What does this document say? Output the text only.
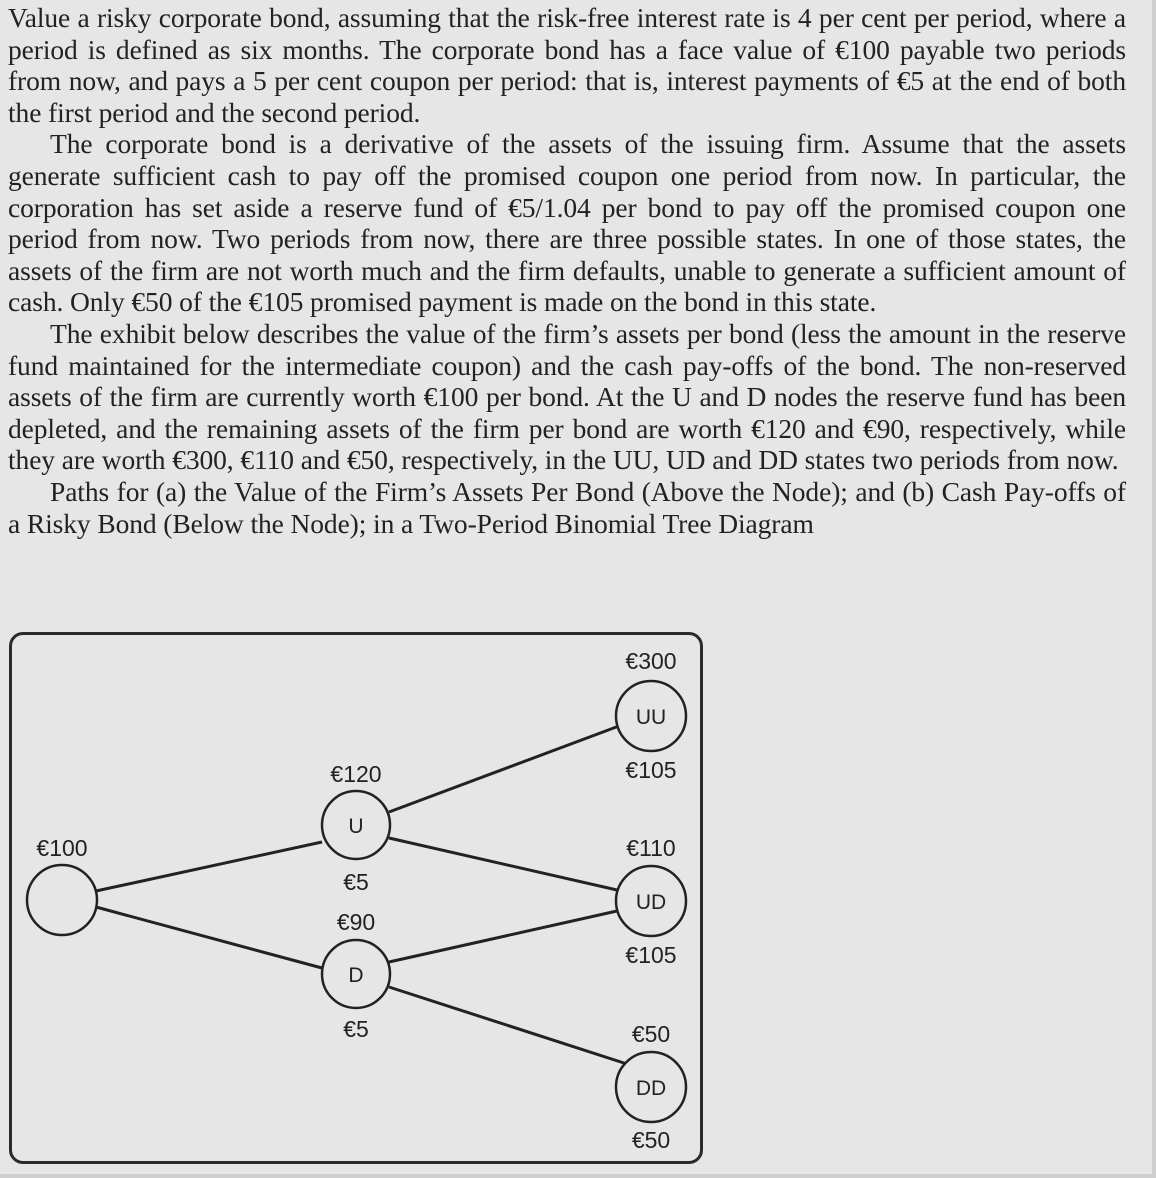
Value a risky corporate bond, assuming that the risk-free interest rate is 4 per cent per period, where a period is defined as six months. The corporate bond has a face value of €100 payable two periods from now, and pays a 5 per cent coupon per period: that is, interest payments of €5 at the end of both the first period and the second period.

The corporate bond is a derivative of the assets of the issuing firm. Assume that the assets generate sufficient cash to pay off the promised coupon one period from now. In particular, the corporation has set aside a reserve fund of €5/1.04 per bond to pay off the promised coupon one period from now. Two periods from now, there are three possible states. In one of those states, the assets of the firm are not worth much and the firm defaults, unable to generate a sufficient amount of cash. Only €50 of the €105 promised payment is made on the bond in this state.

The exhibit below describes the value of the firm’s assets per bond (less the amount in the reserve fund maintained for the intermediate coupon) and the cash pay-offs of the bond. The non-reserved assets of the firm are currently worth €100 per bond. At the U and D nodes the reserve fund has been depleted, and the remaining assets of the firm per bond are worth €120 and €90, respectively, while they are worth €300, €110 and €50, respectively, in the UU, UD and DD states two periods from now.

Paths for (a) the Value of the Firm’s Assets Per Bond (Above the Node); and (b) Cash Pay-offs of a Risky Bond (Below the Node); in a Two-Period Binomial Tree Diagram

€100
U
€120
€5
D
€90
€5
UU
€300
€105
UD
€110
€105
DD
€50
€50
